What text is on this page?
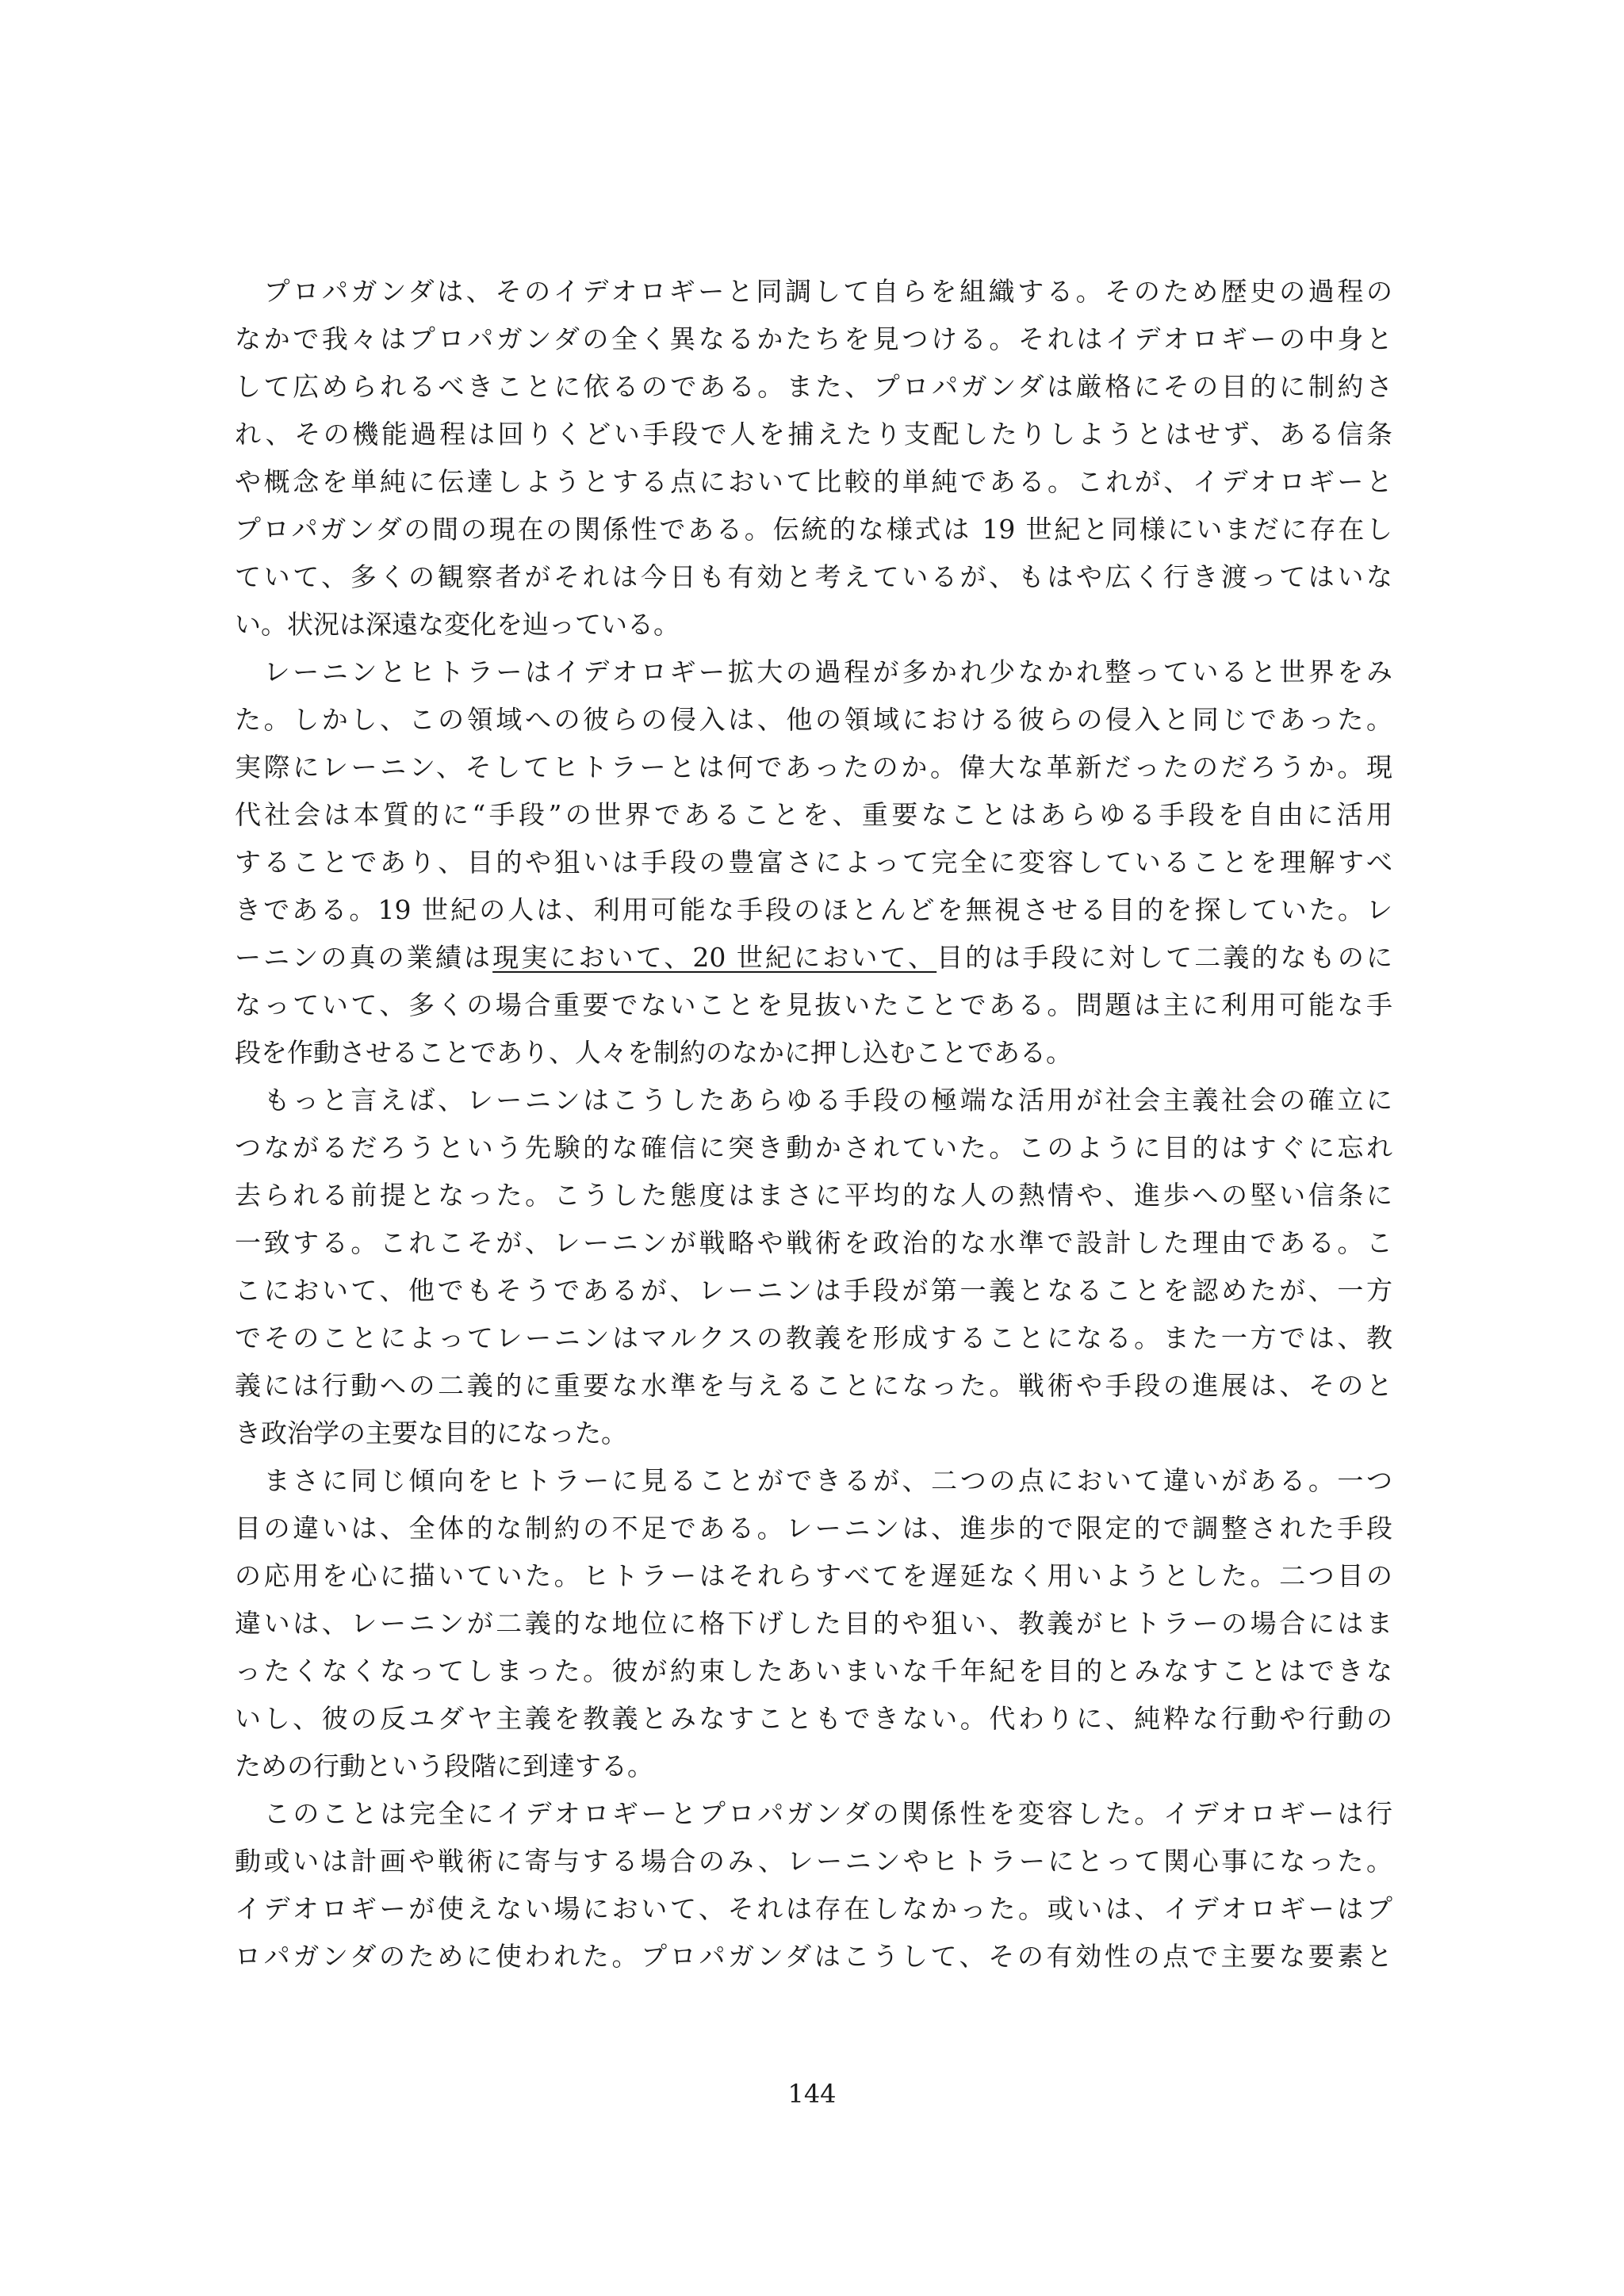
　プロパガンダは、そのイデオロギーと同調して自らを組織する。そのため歴史の過程の
なかで我々はプロパガンダの全く異なるかたちを見つける。それはイデオロギーの中身と
して広められるべきことに依るのである。また、プロパガンダは厳格にその目的に制約さ
れ、その機能過程は回りくどい手段で人を捕えたり支配したりしようとはせず、ある信条
や概念を単純に伝達しようとする点において比較的単純である。これが、イデオロギーと
プロパガンダの間の現在の関係性である。伝統的な様式は 19 世紀と同様にいまだに存在し
ていて、多くの観察者がそれは今日も有効と考えているが、もはや広く行き渡ってはいな
い。状況は深遠な変化を辿っている。
　レーニンとヒトラーはイデオロギー拡大の過程が多かれ少なかれ整っていると世界をみ
た。しかし、この領域への彼らの侵入は、他の領域における彼らの侵入と同じであった。
実際にレーニン、そしてヒトラーとは何であったのか。偉大な革新だったのだろうか。現
代社会は本質的に“手段”の世界であることを、重要なことはあらゆる手段を自由に活用
することであり、目的や狙いは手段の豊富さによって完全に変容していることを理解すべ
きである。19 世紀の人は、利用可能な手段のほとんどを無視させる目的を探していた。レ
ーニンの真の業績は現実において、20 世紀において、目的は手段に対して二義的なものに
なっていて、多くの場合重要でないことを見抜いたことである。問題は主に利用可能な手
段を作動させることであり、人々を制約のなかに押し込むことである。
　もっと言えば、レーニンはこうしたあらゆる手段の極端な活用が社会主義社会の確立に
つながるだろうという先験的な確信に突き動かされていた。このように目的はすぐに忘れ
去られる前提となった。こうした態度はまさに平均的な人の熱情や、進歩への堅い信条に
一致する。これこそが、レーニンが戦略や戦術を政治的な水準で設計した理由である。こ
こにおいて、他でもそうであるが、レーニンは手段が第一義となることを認めたが、一方
でそのことによってレーニンはマルクスの教義を形成することになる。また一方では、教
義には行動への二義的に重要な水準を与えることになった。戦術や手段の進展は、そのと
き政治学の主要な目的になった。
　まさに同じ傾向をヒトラーに見ることができるが、二つの点において違いがある。一つ
目の違いは、全体的な制約の不足である。レーニンは、進歩的で限定的で調整された手段
の応用を心に描いていた。ヒトラーはそれらすべてを遅延なく用いようとした。二つ目の
違いは、レーニンが二義的な地位に格下げした目的や狙い、教義がヒトラーの場合にはま
ったくなくなってしまった。彼が約束したあいまいな千年紀を目的とみなすことはできな
いし、彼の反ユダヤ主義を教義とみなすこともできない。代わりに、純粋な行動や行動の
ための行動という段階に到達する。
　このことは完全にイデオロギーとプロパガンダの関係性を変容した。イデオロギーは行
動或いは計画や戦術に寄与する場合のみ、レーニンやヒトラーにとって関心事になった。
イデオロギーが使えない場において、それは存在しなかった。或いは、イデオロギーはプ
ロパガンダのために使われた。プロパガンダはこうして、その有効性の点で主要な要素と
144
